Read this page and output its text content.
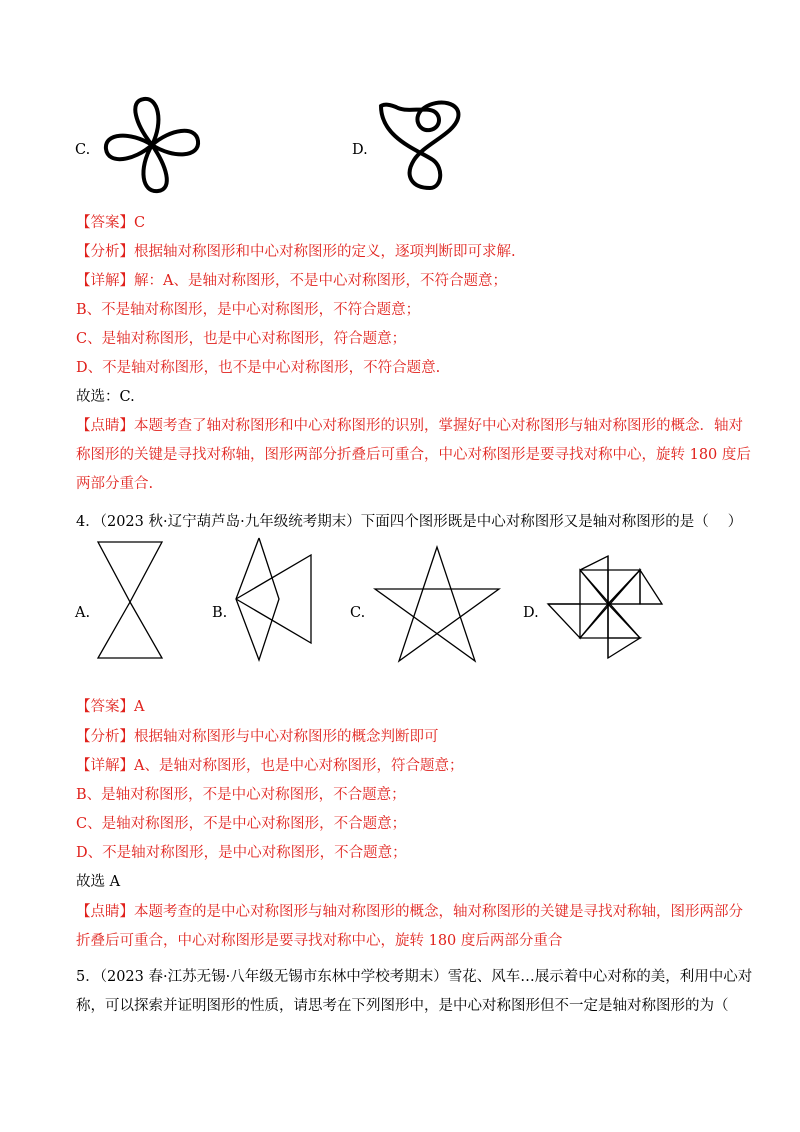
C.	D.
【答案】C
【分析】根据轴对称图形和中心对称图形的定义，逐项判断即可求解.
【详解】解：A、是轴对称图形，不是中心对称图形，不符合题意；
B、不是轴对称图形，是中心对称图形，不符合题意；
C、是轴对称图形，也是中心对称图形，符合题意；
D、不是轴对称图形，也不是中心对称图形，不符合题意.
故选：C.
【点睛】本题考查了轴对称图形和中心对称图形的识别，掌握好中心对称图形与轴对称图形的概念．轴对
称图形的关键是寻找对称轴，图形两部分折叠后可重合，中心对称图形是要寻找对称中心，旋转 180 度后
两部分重合.
4．（2023 秋·辽宁葫芦岛·九年级统考期末）下面四个图形既是中心对称图形又是轴对称图形的是（　 ）
A.	B.	C.	D.
【答案】A
【分析】根据轴对称图形与中心对称图形的概念判断即可
【详解】A、是轴对称图形，也是中心对称图形，符合题意；
B、是轴对称图形，不是中心对称图形，不合题意；
C、是轴对称图形，不是中心对称图形，不合题意；
D、不是轴对称图形，是中心对称图形，不合题意；
故选 A
【点睛】本题考查的是中心对称图形与轴对称图形的概念，轴对称图形的关键是寻找对称轴，图形两部分
折叠后可重合，中心对称图形是要寻找对称中心，旋转 180 度后两部分重合
5．（2023 春·江苏无锡·八年级无锡市东林中学校考期末）雪花、风车…展示着中心对称的美，利用中心对
称，可以探索并证明图形的性质，请思考在下列图形中，是中心对称图形但不一定是轴对称图形的为（
